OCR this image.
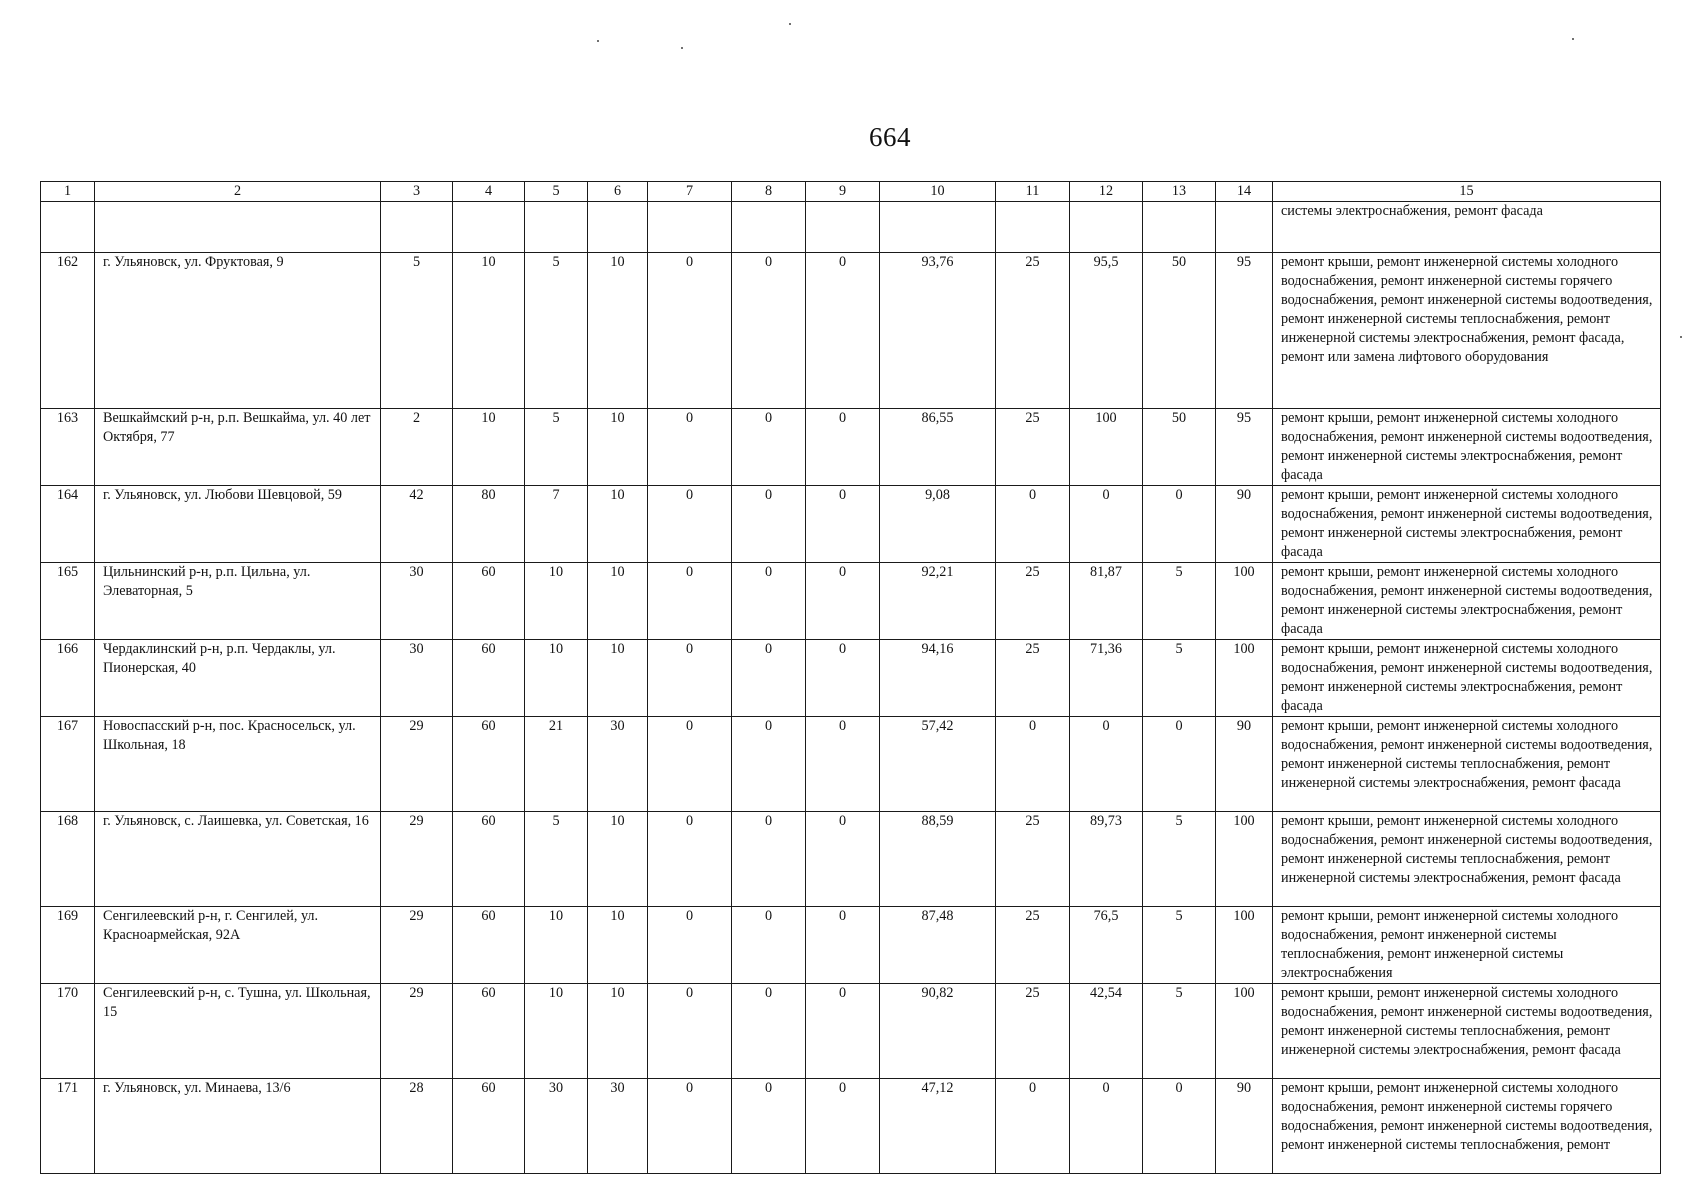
664
1	2	3	4	5	6	7	8	9	10	11	12	13	14	15
														системы электроснабжения, ремонт фасада
162	г. Ульяновск, ул. Фруктовая, 9	5	10	5	10	0	0	0	93,76	25	95,5	50	95	ремонт крыши, ремонт инженерной системы холодного водоснабжения, ремонт инженерной системы горячего водоснабжения, ремонт инженерной системы водоотведения, ремонт инженерной системы теплоснабжения, ремонт инженерной системы электроснабжения, ремонт фасада, ремонт или замена лифтового оборудования
163	Вешкаймский р-н, р.п. Вешкайма, ул. 40 лет Октября, 77	2	10	5	10	0	0	0	86,55	25	100	50	95	ремонт крыши, ремонт инженерной системы холодного водоснабжения, ремонт инженерной системы водоотведения, ремонт инженерной системы электроснабжения, ремонт фасада
164	г. Ульяновск, ул. Любови Шевцовой, 59	42	80	7	10	0	0	0	9,08	0	0	0	90	ремонт крыши, ремонт инженерной системы холодного водоснабжения, ремонт инженерной системы водоотведения, ремонт инженерной системы электроснабжения, ремонт фасада
165	Цильнинский р-н, р.п. Цильна, ул. Элеваторная, 5	30	60	10	10	0	0	0	92,21	25	81,87	5	100	ремонт крыши, ремонт инженерной системы холодного водоснабжения, ремонт инженерной системы водоотведения, ремонт инженерной системы электроснабжения, ремонт фасада
166	Чердаклинский р-н, р.п. Чердаклы, ул. Пионерская, 40	30	60	10	10	0	0	0	94,16	25	71,36	5	100	ремонт крыши, ремонт инженерной системы холодного водоснабжения, ремонт инженерной системы водоотведения, ремонт инженерной системы электроснабжения, ремонт фасада
167	Новоспасский р-н, пос. Красносельск, ул. Школьная, 18	29	60	21	30	0	0	0	57,42	0	0	0	90	ремонт крыши, ремонт инженерной системы холодного водоснабжения, ремонт инженерной системы водоотведения, ремонт инженерной системы теплоснабжения, ремонт инженерной системы электроснабжения, ремонт фасада
168	г. Ульяновск, с. Лаишевка, ул. Советская, 16	29	60	5	10	0	0	0	88,59	25	89,73	5	100	ремонт крыши, ремонт инженерной системы холодного водоснабжения, ремонт инженерной системы водоотведения, ремонт инженерной системы теплоснабжения, ремонт инженерной системы электроснабжения, ремонт фасада
169	Сенгилеевский р-н, г. Сенгилей, ул. Красноармейская, 92А	29	60	10	10	0	0	0	87,48	25	76,5	5	100	ремонт крыши, ремонт инженерной системы холодного водоснабжения, ремонт инженерной системы теплоснабжения, ремонт инженерной системы электроснабжения
170	Сенгилеевский р-н, с. Тушна, ул. Школьная, 15	29	60	10	10	0	0	0	90,82	25	42,54	5	100	ремонт крыши, ремонт инженерной системы холодного водоснабжения, ремонт инженерной системы водоотведения, ремонт инженерной системы теплоснабжения, ремонт инженерной системы электроснабжения, ремонт фасада
171	г. Ульяновск, ул. Минаева, 13/6	28	60	30	30	0	0	0	47,12	0	0	0	90	ремонт крыши, ремонт инженерной системы холодного водоснабжения, ремонт инженерной системы горячего водоснабжения, ремонт инженерной системы водоотведения, ремонт инженерной системы теплоснабжения, ремонт
